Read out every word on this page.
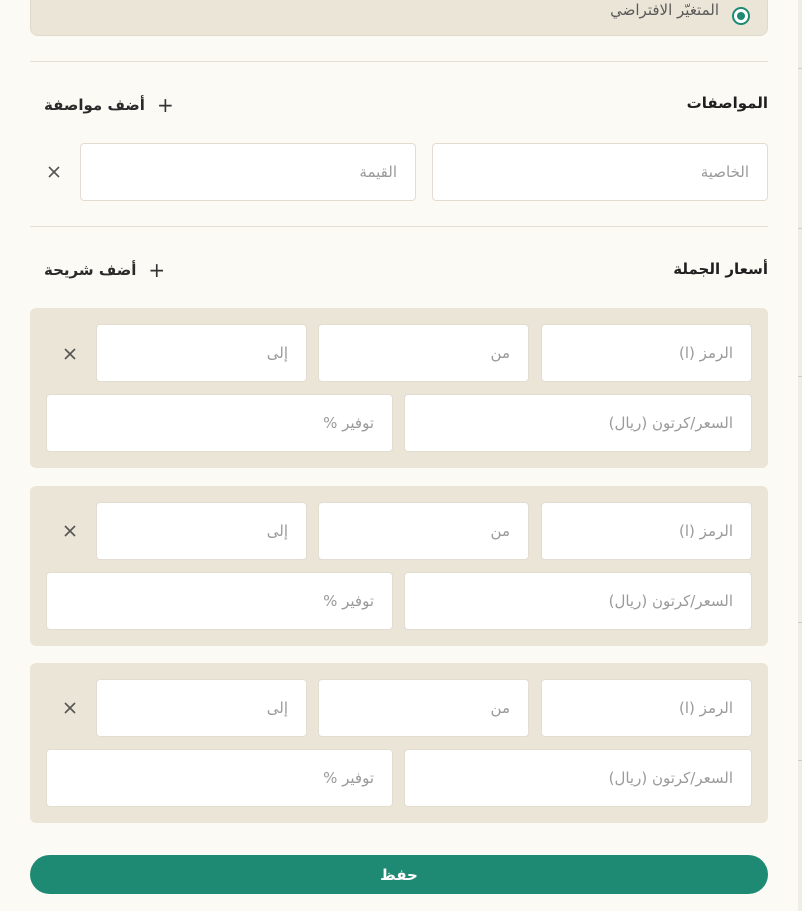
المتغيّر الافتراضي
المواصفات
+
أضف مواصفة
الخاصية
القيمة
أسعار الجملة
+
أضف شريحة
الرمز (ا)
من
إلى
السعر/كرتون (ريال)
توفير %
الرمز (ا)
من
إلى
السعر/كرتون (ريال)
توفير %
الرمز (ا)
من
إلى
السعر/كرتون (ريال)
توفير %
حفظ
